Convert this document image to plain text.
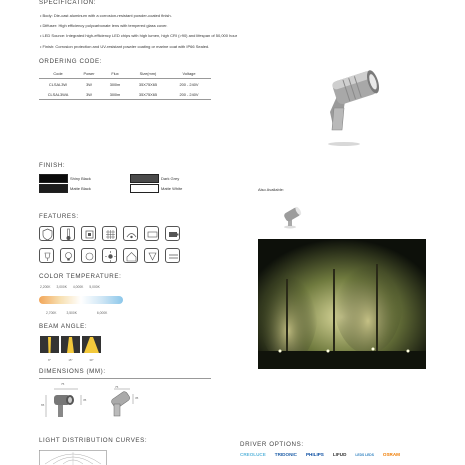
SPECIFICATION:
• Body: Die-cast aluminum with a corrosion-resistant powder-coated finish.
• Diffuser: High efficiency polycarbonate lens with tempered glass cover.
• LED Source: Integrated high-efficiency LED chips with high lumen, high CRI (>90) and lifespan of 50,000 hour
• Finish: Corrosion protection and UV-resistant powder coating or marine coat with IP66 Sealed.
ORDERING CODE:
Code	Power	Flux	Size(mm)	Voltage
CLSAL3W	3W	300lm	35X75X65	200 - 240V
CLSAL3WA	3W	300lm	35X75X65	200 - 240V
FINISH:
Shiny Black	Dark Grey
Matte Black	Matte White	Also Available:
FEATURES:
COLOR TEMPERATURE:
2,200K 3,000K 4,000K 5,000K
2,700K	3,500K	6,000K
BEAM ANGLE:
8°	15°	30°
DIMENSIONS (MM):
75
65
35
75
35
LIGHT DISTRIBUTION CURVES:
DRIVER OPTIONS:
CREOLUCE TRIDONIC PHILIPS LIFUD	LEDS LEDS OSRAM
